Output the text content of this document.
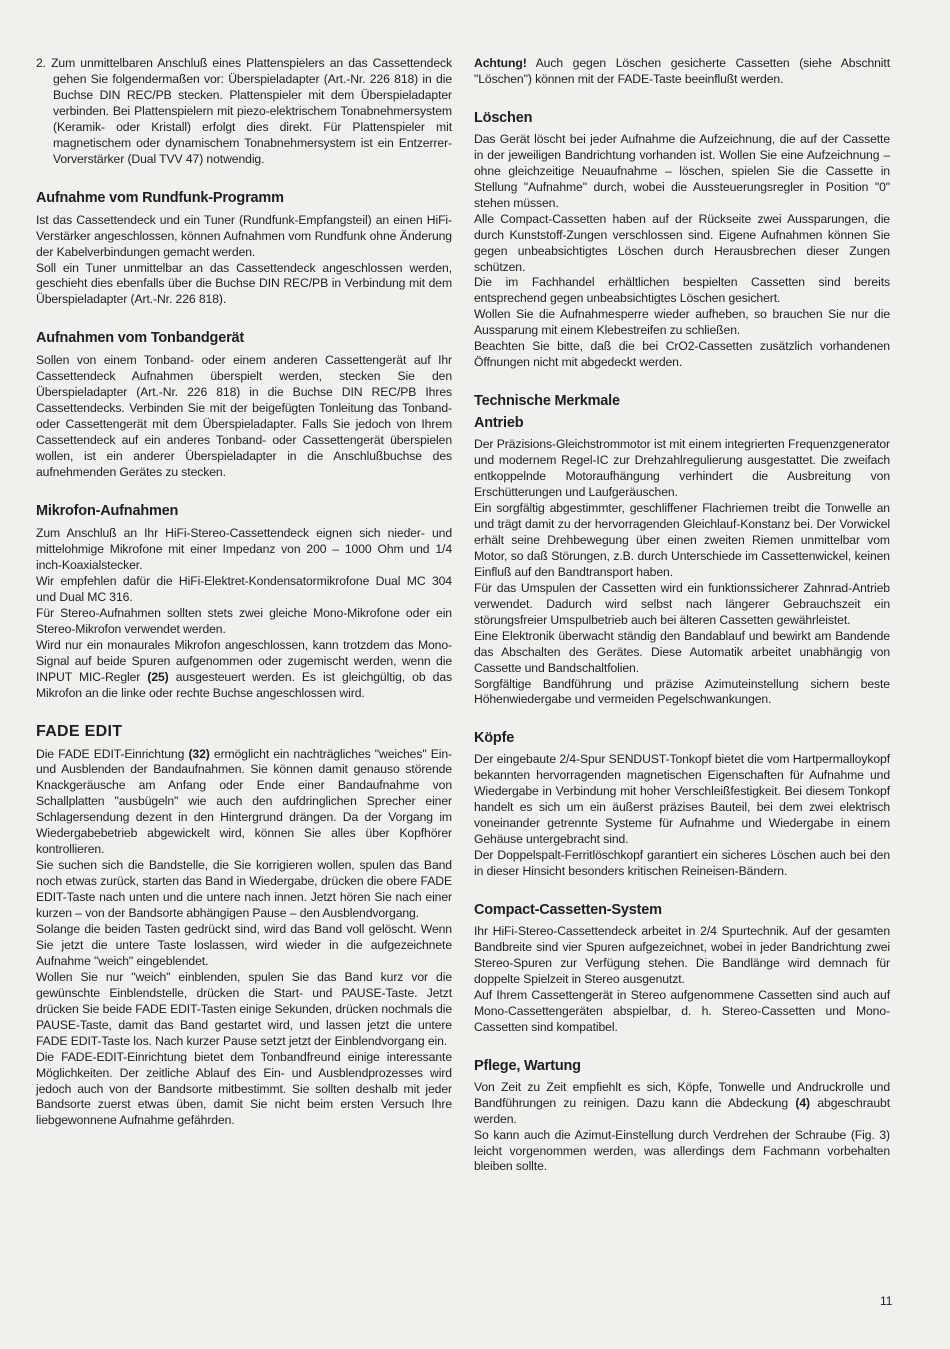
2. Zum unmittelbaren Anschluß eines Plattenspielers an das Cassettendeck gehen Sie folgendermaßen vor: Überspieladapter (Art.-Nr. 226 818) in die Buchse DIN REC/PB stecken. Plattenspieler mit dem Überspieladapter verbinden. Bei Plattenspielern mit piezo-elektrischem Tonabnehmersystem (Keramik- oder Kristall) erfolgt dies direkt. Für Plattenspieler mit magnetischem oder dynamischem Tonabnehmersystem ist ein Entzerrer-Vorverstärker (Dual TVV 47) notwendig.

Aufnahme vom Rundfunk-Programm

Ist das Cassettendeck und ein Tuner (Rundfunk-Empfangsteil) an einen HiFi-Verstärker angeschlossen, können Aufnahmen vom Rundfunk ohne Änderung der Kabelverbindungen gemacht werden.

Soll ein Tuner unmittelbar an das Cassettendeck angeschlossen werden, geschieht dies ebenfalls über die Buchse DIN REC/PB in Verbindung mit dem Überspieladapter (Art.-Nr. 226 818).

Aufnahmen vom Tonbandgerät

Sollen von einem Tonband- oder einem anderen Cassettengerät auf Ihr Cassettendeck Aufnahmen überspielt werden, stecken Sie den Überspieladapter (Art.-Nr. 226 818) in die Buchse DIN REC/PB Ihres Cassettendecks. Verbinden Sie mit der beigefügten Tonleitung das Tonband- oder Cassettengerät mit dem Überspieladapter. Falls Sie jedoch von Ihrem Cassettendeck auf ein anderes Tonband- oder Cassettengerät überspielen wollen, ist ein anderer Überspieladapter in die Anschlußbuchse des aufnehmenden Gerätes zu stecken.

Mikrofon-Aufnahmen

Zum Anschluß an Ihr HiFi-Stereo-Cassettendeck eignen sich nieder- und mittelohmige Mikrofone mit einer Impedanz von 200 – 1000 Ohm und 1/4 inch-Koaxialstecker.

Wir empfehlen dafür die HiFi-Elektret-Kondensatormikrofone Dual MC 304 und Dual MC 316.

Für Stereo-Aufnahmen sollten stets zwei gleiche Mono-Mikrofone oder ein Stereo-Mikrofon verwendet werden.

Wird nur ein monaurales Mikrofon angeschlossen, kann trotzdem das Mono-Signal auf beide Spuren aufgenommen oder zugemischt werden, wenn die INPUT MIC-Regler (25) ausgesteuert werden. Es ist gleichgültig, ob das Mikrofon an die linke oder rechte Buchse angeschlossen wird.

FADE EDIT

Die FADE EDIT-Einrichtung (32) ermöglicht ein nachträgliches "weiches" Ein- und Ausblenden der Bandaufnahmen. Sie können damit genauso störende Knackgeräusche am Anfang oder Ende einer Bandaufnahme von Schallplatten "ausbügeln" wie auch den aufdringlichen Sprecher einer Schlagersendung dezent in den Hintergrund drängen. Da der Vorgang im Wiedergabebetrieb abgewickelt wird, können Sie alles über Kopfhörer kontrollieren.

Sie suchen sich die Bandstelle, die Sie korrigieren wollen, spulen das Band noch etwas zurück, starten das Band in Wiedergabe, drücken die obere FADE EDIT-Taste nach unten und die untere nach innen. Jetzt hören Sie nach einer kurzen – von der Bandsorte abhängigen Pause – den Ausblendvorgang.

Solange die beiden Tasten gedrückt sind, wird das Band voll gelöscht. Wenn Sie jetzt die untere Taste loslassen, wird wieder in die aufgezeichnete Aufnahme "weich" eingeblendet.

Wollen Sie nur "weich" einblenden, spulen Sie das Band kurz vor die gewünschte Einblendstelle, drücken die Start- und PAUSE-Taste. Jetzt drücken Sie beide FADE EDIT-Tasten einige Sekunden, drücken nochmals die PAUSE-Taste, damit das Band gestartet wird, und lassen jetzt die untere FADE EDIT-Taste los. Nach kurzer Pause setzt jetzt der Einblendvorgang ein.

Die FADE-EDIT-Einrichtung bietet dem Tonbandfreund einige interessante Möglichkeiten. Der zeitliche Ablauf des Ein- und Ausblendprozesses wird jedoch auch von der Bandsorte mitbestimmt. Sie sollten deshalb mit jeder Bandsorte zuerst etwas üben, damit Sie nicht beim ersten Versuch Ihre liebgewonnene Aufnahme gefährden.

Achtung! Auch gegen Löschen gesicherte Cassetten (siehe Abschnitt "Löschen") können mit der FADE-Taste beeinflußt werden.

Löschen

Das Gerät löscht bei jeder Aufnahme die Aufzeichnung, die auf der Cassette in der jeweiligen Bandrichtung vorhanden ist. Wollen Sie eine Aufzeichnung – ohne gleichzeitige Neuaufnahme – löschen, spielen Sie die Cassette in Stellung "Aufnahme" durch, wobei die Aussteuerungsregler in Position "0" stehen müssen.

Alle Compact-Cassetten haben auf der Rückseite zwei Aussparungen, die durch Kunststoff-Zungen verschlossen sind. Eigene Aufnahmen können Sie gegen unbeabsichtigtes Löschen durch Herausbrechen dieser Zungen schützen.

Die im Fachhandel erhältlichen bespielten Cassetten sind bereits entsprechend gegen unbeabsichtigtes Löschen gesichert.

Wollen Sie die Aufnahmesperre wieder aufheben, so brauchen Sie nur die Aussparung mit einem Klebestreifen zu schließen.

Beachten Sie bitte, daß die bei CrO2-Cassetten zusätzlich vorhandenen Öffnungen nicht mit abgedeckt werden.

Technische Merkmale
Antrieb

Der Präzisions-Gleichstrommotor ist mit einem integrierten Frequenzgenerator und modernem Regel-IC zur Drehzahlregulierung ausgestattet. Die zweifach entkoppelnde Motoraufhängung verhindert die Ausbreitung von Erschütterungen und Laufgeräuschen.

Ein sorgfältig abgestimmter, geschliffener Flachriemen treibt die Tonwelle an und trägt damit zu der hervorragenden Gleichlauf-Konstanz bei. Der Vorwickel erhält seine Drehbewegung über einen zweiten Riemen unmittelbar vom Motor, so daß Störungen, z.B. durch Unterschiede im Cassettenwickel, keinen Einfluß auf den Bandtransport haben.

Für das Umspulen der Cassetten wird ein funktionssicherer Zahnrad-Antrieb verwendet. Dadurch wird selbst nach längerer Gebrauchszeit ein störungsfreier Umspulbetrieb auch bei älteren Cassetten gewährleistet.

Eine Elektronik überwacht ständig den Bandablauf und bewirkt am Bandende das Abschalten des Gerätes. Diese Automatik arbeitet unabhängig von Cassette und Bandschaltfolien.

Sorgfältige Bandführung und präzise Azimuteinstellung sichern beste Höhenwiedergabe und vermeiden Pegelschwankungen.

Köpfe

Der eingebaute 2/4-Spur SENDUST-Tonkopf bietet die vom Hartpermalloykopf bekannten hervorragenden magnetischen Eigenschaften für Aufnahme und Wiedergabe in Verbindung mit hoher Verschleißfestigkeit. Bei diesem Tonkopf handelt es sich um ein äußerst präzises Bauteil, bei dem zwei elektrisch voneinander getrennte Systeme für Aufnahme und Wiedergabe in einem Gehäuse untergebracht sind.

Der Doppelspalt-Ferritlöschkopf garantiert ein sicheres Löschen auch bei den in dieser Hinsicht besonders kritischen Reineisen-Bändern.

Compact-Cassetten-System

Ihr HiFi-Stereo-Cassettendeck arbeitet in 2/4 Spurtechnik. Auf der gesamten Bandbreite sind vier Spuren aufgezeichnet, wobei in jeder Bandrichtung zwei Stereo-Spuren zur Verfügung stehen. Die Bandlänge wird demnach für doppelte Spielzeit in Stereo ausgenutzt.

Auf Ihrem Cassettengerät in Stereo aufgenommene Cassetten sind auch auf Mono-Cassettengeräten abspielbar, d. h. Stereo-Cassetten und Mono-Cassetten sind kompatibel.

Pflege, Wartung

Von Zeit zu Zeit empfiehlt es sich, Köpfe, Tonwelle und Andruckrolle und Bandführungen zu reinigen. Dazu kann die Abdeckung (4) abgeschraubt werden.

So kann auch die Azimut-Einstellung durch Verdrehen der Schraube (Fig. 3) leicht vorgenommen werden, was allerdings dem Fachmann vorbehalten bleiben sollte.

11
